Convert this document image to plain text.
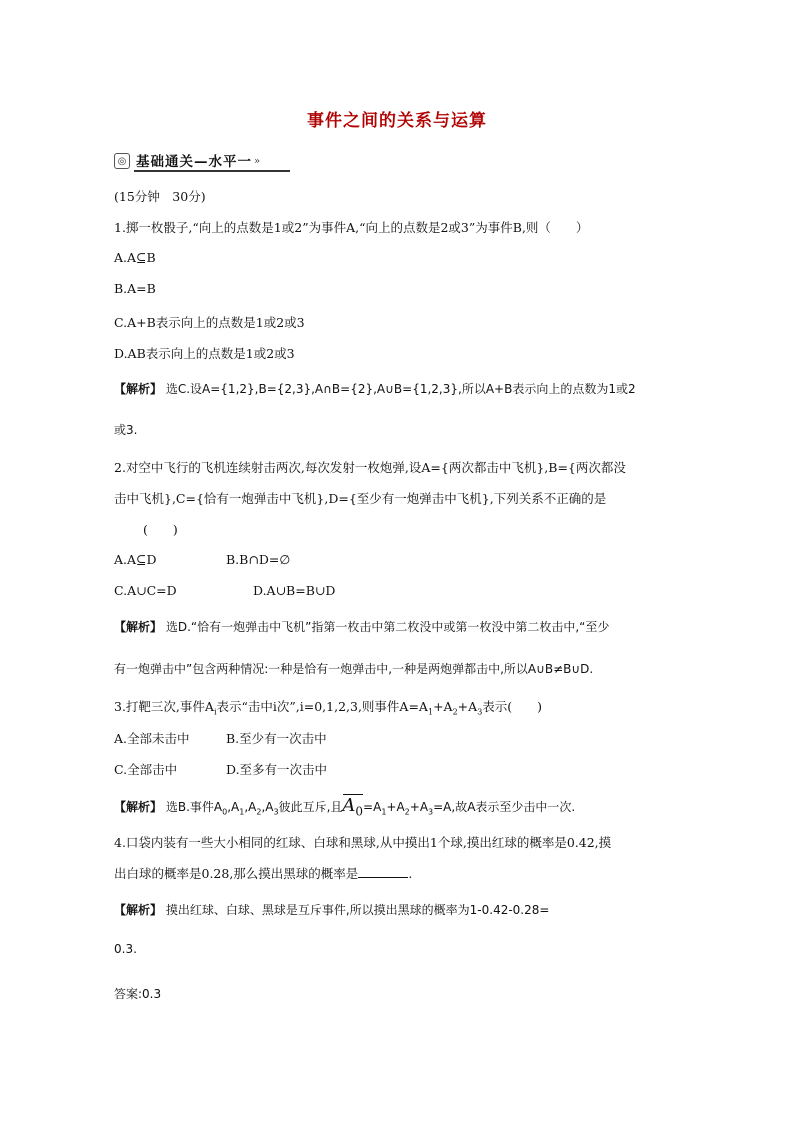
事件之间的关系与运算
◎ 基础通关—水平一 »
(15分钟　30分)
1.掷一枚骰子,“向上的点数是1或2”为事件A,“向上的点数是2或3”为事件B,则（　　）
A.A⊆B
B.A=B
C.A+B表示向上的点数是1或2或3
D.AB表示向上的点数是1或2或3
【解析】 选C.设A={1,2},B={2,3},A∩B={2},A∪B={1,2,3},所以A+B表示向上的点数为1或2
或3.
2.对空中飞行的飞机连续射击两次,每次发射一枚炮弹,设A={两次都击中飞机},B={两次都没
击中飞机},C={恰有一炮弹击中飞机},D={至少有一炮弹击中飞机},下列关系不正确的是
(　　)
A.A⊆D	B.B∩D=∅
C.A∪C=D	D.A∪B=B∪D
【解析】 选D.“恰有一炮弹击中飞机”指第一枚击中第二枚没中或第一枚没中第二枚击中,“至少
有一炮弹击中”包含两种情况:一种是恰有一炮弹击中,一种是两炮弹都击中,所以A∪B≠B∪D.
3.打靶三次,事件$A_i$表示“击中i次”,i=0,1,2,3,则事件$A=A_1+A_2+A_3$表示(　　)
A.全部未击中	B.至少有一次击中
C.全部击中	D.至多有一次击中
【解析】 选B.事件$A_0,A_1,A_2,A_3$彼此互斥,且$A_0=A_1+A_2+A_3=A$,故A表示至少击中一次.
4.口袋内装有一些大小相同的红球、白球和黑球,从中摸出1个球,摸出红球的概率是0.42,摸
出白球的概率是0.28,那么摸出黑球的概率是	.
【解析】 摸出红球、白球、黑球是互斥事件,所以摸出黑球的概率为1-0.42-0.28=
0.3.
答案:0.3
